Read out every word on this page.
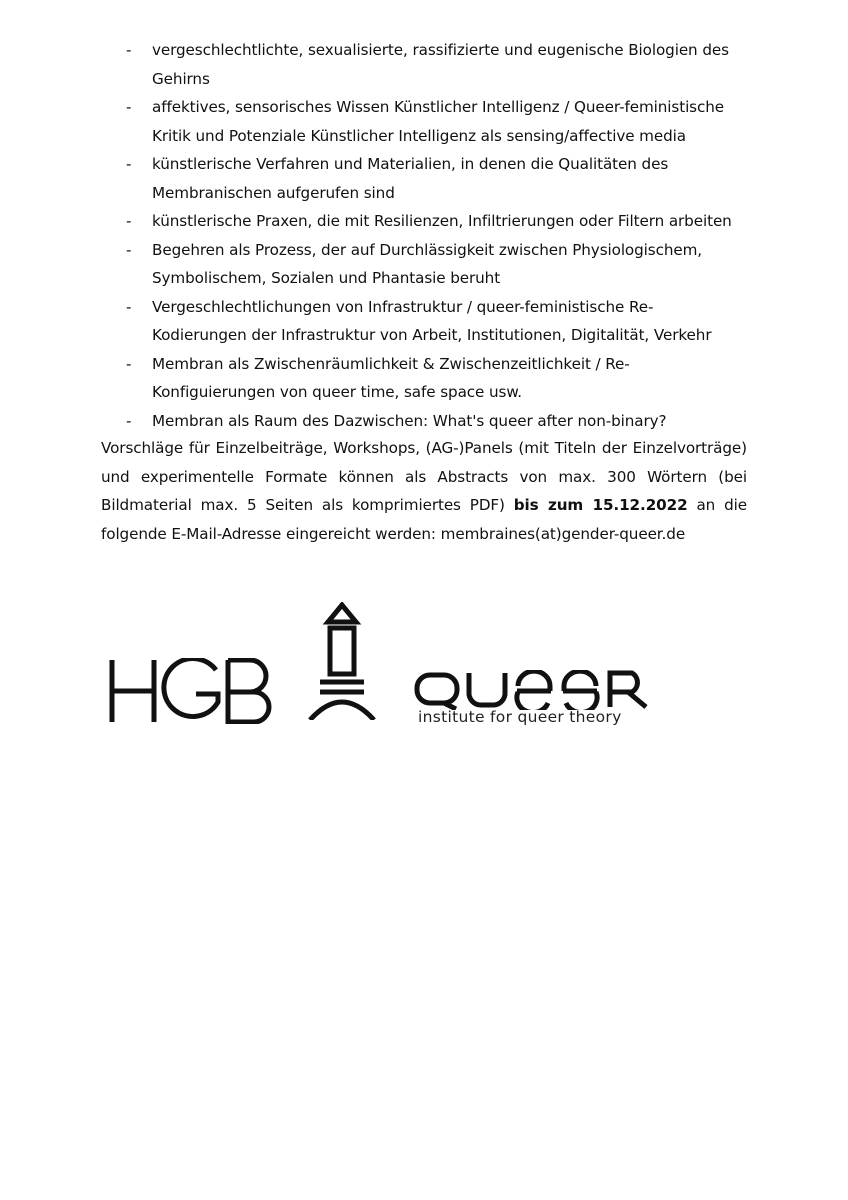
- vergeschlechtlichte, sexualisierte, rassifizierte und eugenische Biologien des Gehirns
- affektives, sensorisches Wissen Künstlicher Intelligenz / Queer-feministische Kritik und Potenziale Künstlicher Intelligenz als sensing/affective media
- künstlerische Verfahren und Materialien, in denen die Qualitäten des Membranischen aufgerufen sind
- künstlerische Praxen, die mit Resilienzen, Infiltrierungen oder Filtern arbeiten
- Begehren als Prozess, der auf Durchlässigkeit zwischen Physiologischem, Symbolischem, Sozialen und Phantasie beruht
- Vergeschlechtlichungen von Infrastruktur / queer-feministische Re-Kodierungen der Infrastruktur von Arbeit, Institutionen, Digitalität, Verkehr
- Membran als Zwischenräumlichkeit & Zwischenzeitlichkeit / Re-Konfiguierungen von queer time, safe space usw.
- Membran als Raum des Dazwischen: What's queer after non-binary?

Vorschläge für Einzelbeiträge, Workshops, (AG-)Panels (mit Titeln der Einzelvorträge) und experimentelle Formate können als Abstracts von max. 300 Wörtern (bei Bildmaterial max. 5 Seiten als komprimiertes PDF) bis zum 15.12.2022 an die folgende E-Mail-Adresse eingereicht werden: membraines(at)gender-queer.de

institute for queer theory
